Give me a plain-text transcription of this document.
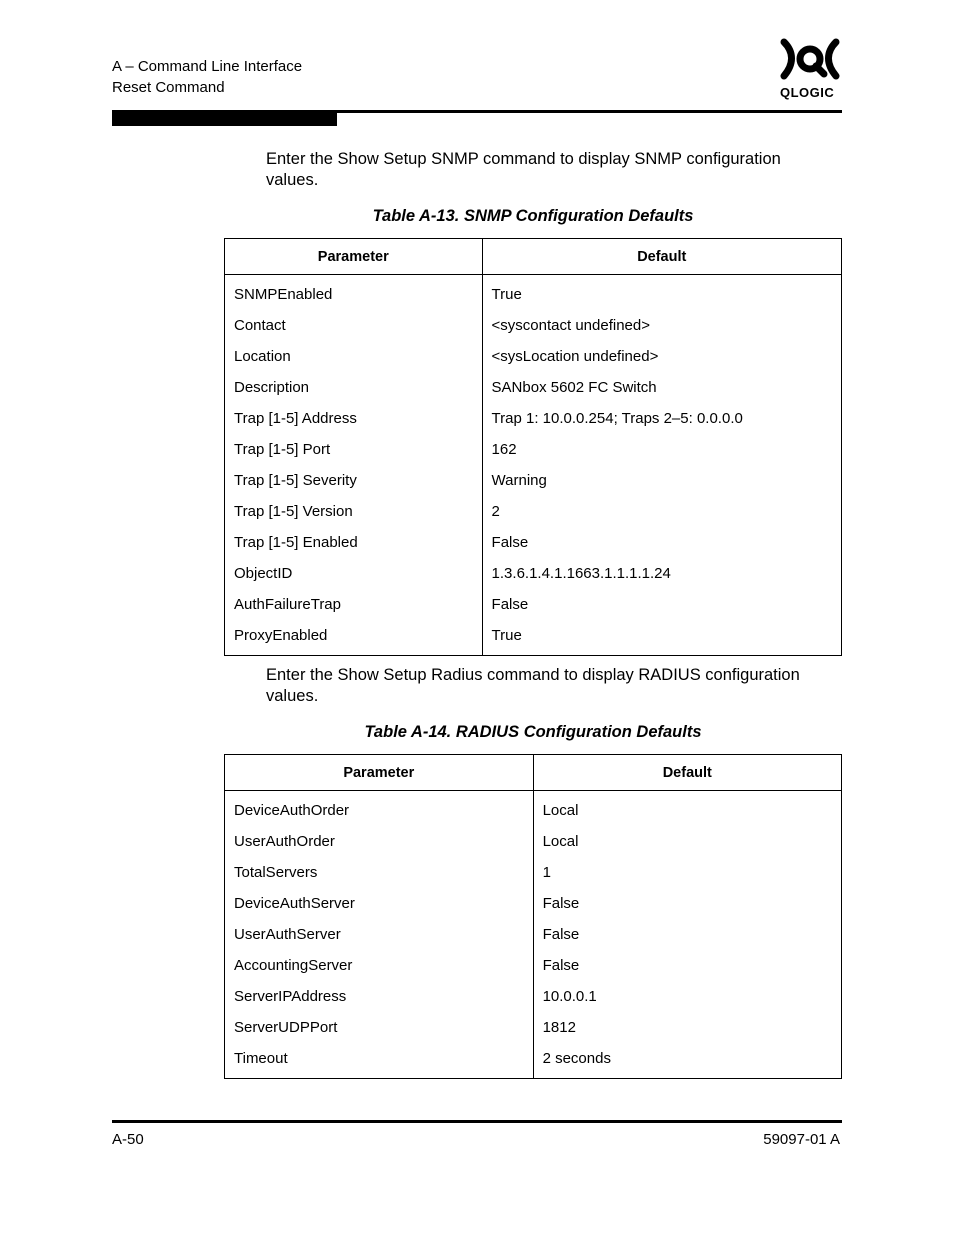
A – Command Line Interface
Reset Command	QLOGIC
Enter the Show Setup SNMP command to display SNMP configuration values.
Table A-13. SNMP Configuration Defaults
Parameter	Default
SNMPEnabled	True
Contact	<syscontact undefined>
Location	<sysLocation undefined>
Description	SANbox 5602 FC Switch
Trap [1-5] Address	Trap 1: 10.0.0.254; Traps 2–5: 0.0.0.0
Trap [1-5] Port	162
Trap [1-5] Severity	Warning
Trap [1-5] Version	2
Trap [1-5] Enabled	False
ObjectID	1.3.6.1.4.1.1663.1.1.1.1.24
AuthFailureTrap	False
ProxyEnabled	True
Enter the Show Setup Radius command to display RADIUS configuration values.
Table A-14. RADIUS Configuration Defaults
Parameter	Default
DeviceAuthOrder	Local
UserAuthOrder	Local
TotalServers	1
DeviceAuthServer	False
UserAuthServer	False
AccountingServer	False
ServerIPAddress	10.0.0.1
ServerUDPPort	1812
Timeout	2 seconds
A-50	59097-01 A
